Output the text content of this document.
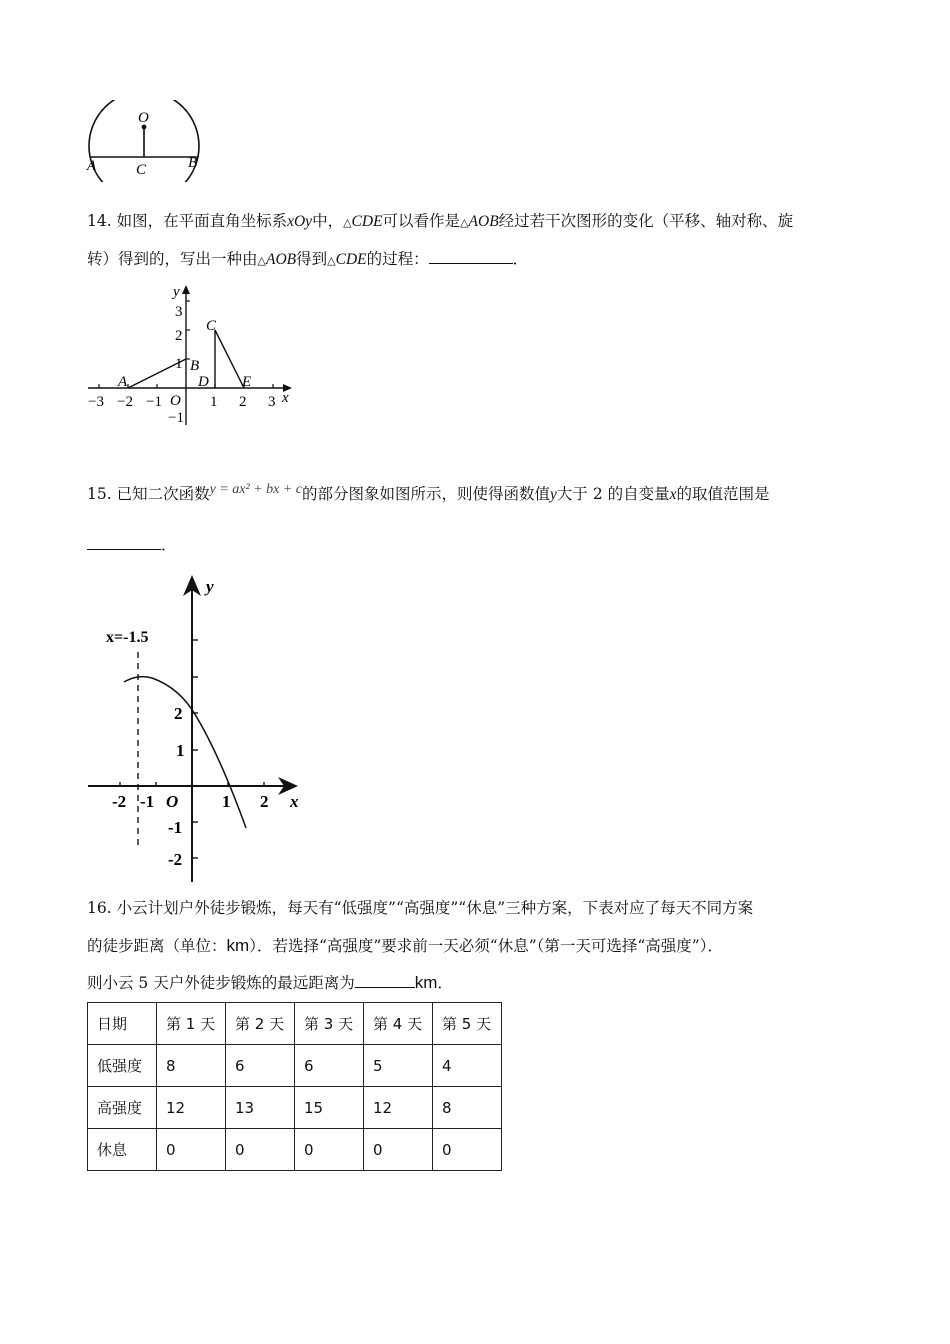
O
A	B
C
14. 如图，在平面直角坐标系xOy中，△CDE可以看作是△AOB经过若干次图形的变化（平移、轴对称、旋
转）得到的，写出一种由△AOB得到△CDE的过程：	．
y
x
O
A
B
C
D E
−3 −2 −1	1 2 3
3
2
1
−1
15. 已知二次函数y = ax² + bx + c的部分图象如图所示，则使得函数值y大于 2 的自变量x的取值范围是
．
x=-1.5
y
x
O
-2 -1	1 2
2
1
-1
-2
16. 小云计划户外徒步锻炼，每天有“低强度”“高强度”“休息”三种方案，下表对应了每天不同方案
的徒步距离（单位：km）．若选择“高强度”要求前一天必须“休息”（第一天可选择“高强度”）．
则小云 5 天户外徒步锻炼的最远距离为	km．
日期	第 1 天	第 2 天	第 3 天	第 4 天	第 5 天
低强度	8	6	6	5	4
高强度	12	13	15	12	8
休息	0	0	0	0	0
